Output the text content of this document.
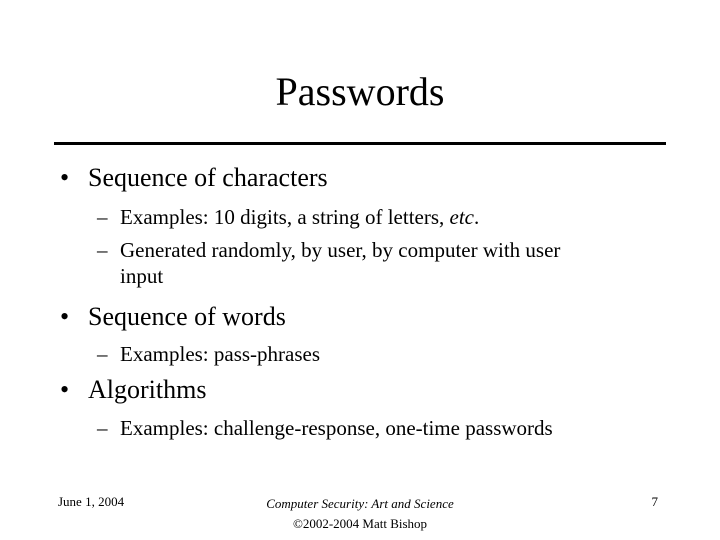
Passwords
• Sequence of characters
– Examples: 10 digits, a string of letters, etc.
– Generated randomly, by user, by computer with user
input
• Sequence of words
– Examples: pass-phrases
• Algorithms
– Examples: challenge-response, one-time passwords
June 1, 2004	Computer Security: Art and Science
©2002-2004 Matt Bishop
7
